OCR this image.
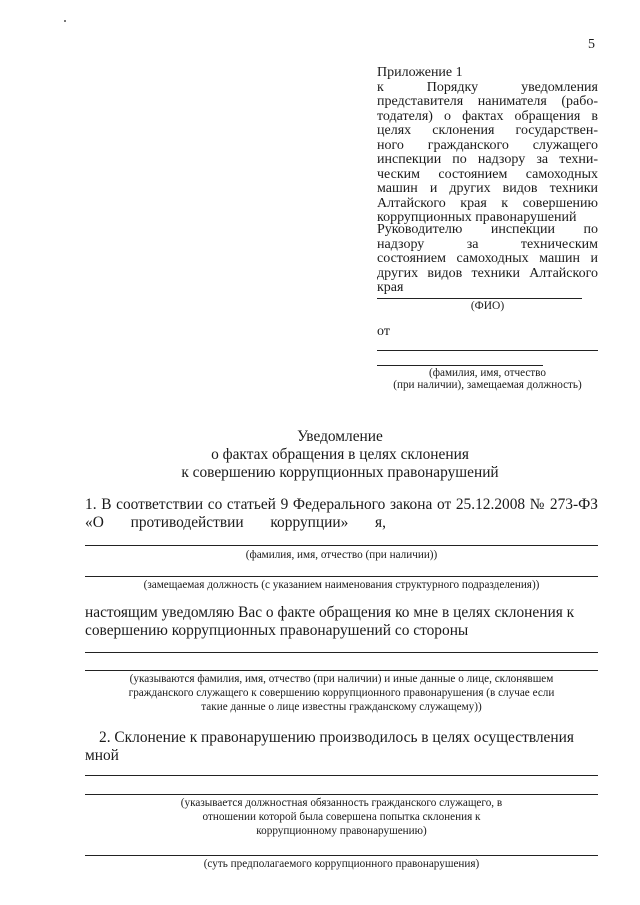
5
Приложение 1
к Порядку уведомления
представителя нанимателя (рабо-
тодателя) о фактах обращения в
целях склонения государствен-
ного гражданского служащего
инспекции по надзору за техни-
ческим состоянием самоходных
машин и других видов техники
Алтайского края к совершению
коррупционных правонарушений
Руководителю инспекции по
надзору за техническим
состоянием самоходных машин и
других видов техники Алтайского
края
(ФИО)
от
(фамилия, имя, отчество
(при наличии), замещаемая должность)
Уведомление
о фактах обращения в целях склонения
к совершению коррупционных правонарушений
1. В соответствии со статьей 9 Федерального закона от 25.12.2008 № 273-ФЗ
«О противодействии коррупции» я,
(фамилия, имя, отчество (при наличии))
(замещаемая должность (с указанием наименования структурного подразделения))
настоящим уведомляю Вас о факте обращения ко мне в целях склонения к
совершению коррупционных правонарушений со стороны
(указываются фамилия, имя, отчество (при наличии) и иные данные о лице, склонявшем
гражданского служащего к совершению коррупционного правонарушения (в случае если
такие данные о лице известны гражданскому служащему))
2. Склонение к правонарушению производилось в целях осуществления
мной
(указывается должностная обязанность гражданского служащего, в
отношении которой была совершена попытка склонения к
коррупционному правонарушению)
(суть предполагаемого коррупционного правонарушения)
